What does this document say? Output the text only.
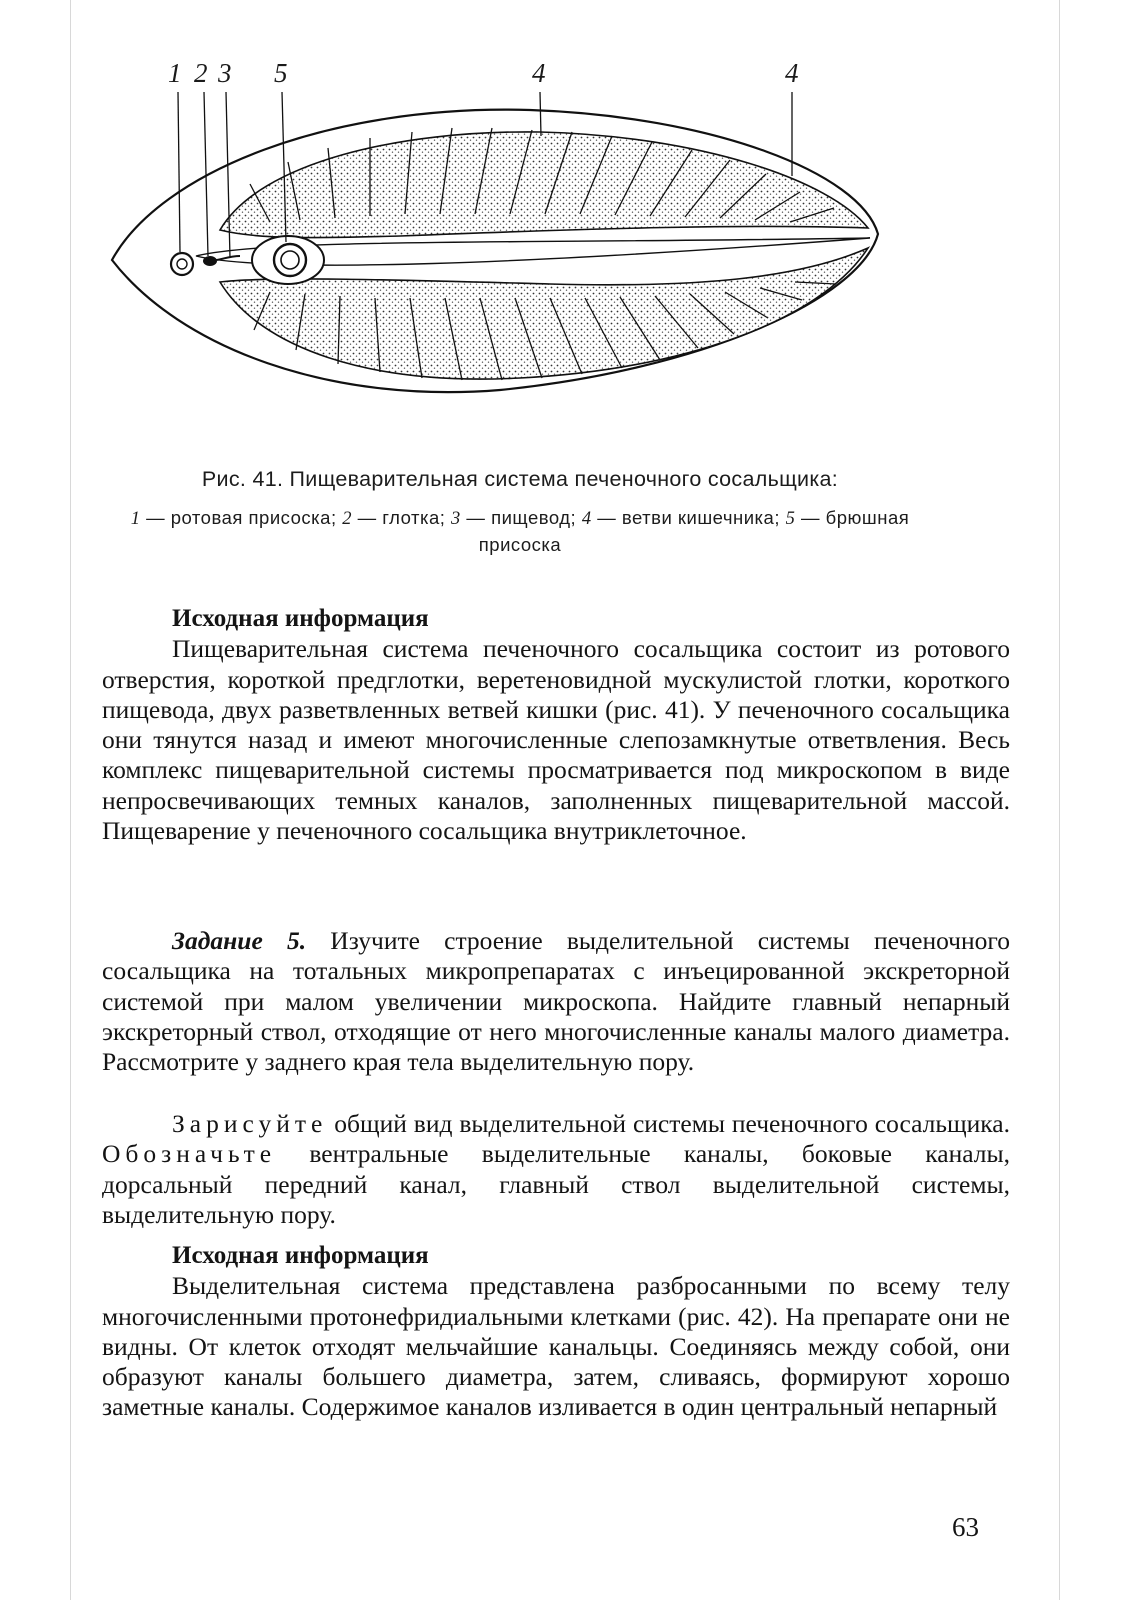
1 2 3 5	4	4
Рис. 41. Пищеварительная система печеночного сосальщика:
1 — ротовая присоска; 2 — глотка; 3 — пищевод; 4 — ветви кишечника; 5 — брюшная присоска

Исходная информация

Пищеварительная система печеночного сосальщика состоит из ротового отверстия, короткой предглотки, веретеновидной мускулистой глотки, короткого пищевода, двух разветвленных ветвей кишки (рис. 41). У печеночного сосальщика они тянутся назад и имеют многочисленные слепозамкнутые ответвления. Весь комплекс пищеварительной системы просматривается под микроскопом в виде непросвечивающих темных каналов, заполненных пищеварительной массой. Пищеварение у печеночного сосальщика внутриклеточное.

Задание 5. Изучите строение выделительной системы печеночного сосальщика на тотальных микропрепаратах с инъецированной экскреторной системой при малом увеличении микроскопа. Найдите главный непарный экскреторный ствол, отходящие от него многочисленные каналы малого диаметра. Рассмотрите у заднего края тела выделительную пору.

Зарисуйте общий вид выделительной системы печеночного сосальщика. Обозначьте вентральные выделительные каналы, боковые каналы, дорсальный передний канал, главный ствол выделительной системы, выделительную пору.

Исходная информация

Выделительная система представлена разбросанными по всему телу многочисленными протонефридиальными клетками (рис. 42). На препарате они не видны. От клеток отходят мельчайшие канальцы. Соединяясь между собой, они образуют каналы большего диаметра, затем, сливаясь, формируют хорошо заметные каналы. Содержимое каналов изливается в один центральный непарный

63
